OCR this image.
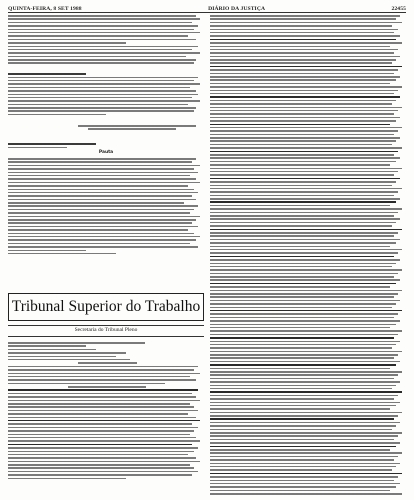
QUINTA-FEIRA, 8 SET 1988	DIÁRIO DA JUSTIÇA	22455
Pauta
Tribunal Superior do Trabalho
Secretaria do Tribunal Pleno
